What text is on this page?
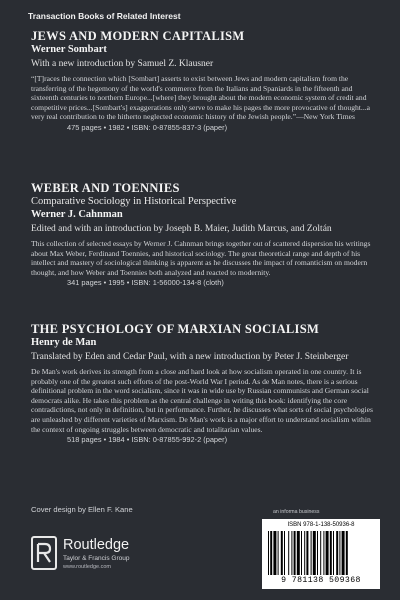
Transaction Books of Related Interest
JEWS AND MODERN CAPITALISM
Werner Sombart
With a new introduction by Samuel Z. Klausner
“[T]races the connection which [Sombart] asserts to exist between Jews and modern capitalism from the transferring of the hegemony of the world's commerce from the Italians and Spaniards in the fifteenth and sixteenth centuries to northern Europe...[where] they brought about the modern economic system of credit and competitive prices...[Sombart's] exaggerations only serve to make his pages the more provocative of thought...a very real contribution to the hitherto neglected economic history of the Jewish people.”—New York Times
475 pages • 1982 • ISBN: 0-87855-837-3 (paper)
WEBER AND TOENNIES
Comparative Sociology in Historical Perspective
Werner J. Cahnman
Edited and with an introduction by Joseph B. Maier, Judith Marcus, and Zoltán
This collection of selected essays by Werner J. Cahnman brings together out of scattered dispersion his writings about Max Weber, Ferdinand Toennies, and historical sociology. The great theoretical range and depth of his intellect and mastery of sociological thinking is apparent as he discusses the impact of romanticism on modern thought, and how Weber and Toennies both analyzed and reacted to modernity.
341 pages • 1995 • ISBN: 1-56000-134-8 (cloth)
THE PSYCHOLOGY OF MARXIAN SOCIALISM
Henry de Man
Translated by Eden and Cedar Paul, with a new introduction by Peter J. Steinberger
De Man's work derives its strength from a close and hard look at how socialism operated in one country. It is probably one of the greatest such efforts of the post-World War I period. As de Man notes, there is a serious definitional problem in the word socialism, since it was in wide use by Russian communists and German social democrats alike. He takes this problem as the central challenge in writing this book: identifying the core contradictions, not only in definition, but in performance. Further, he discusses what sorts of social psychologies are unleashed by different varieties of Marxism. De Man's work is a major effort to understand socialism within the context of ongoing struggles between democratic and totalitarian values.
518 pages • 1984 • ISBN: 0-87855-992-2 (paper)
Cover design by Ellen F. Kane
Routledge
Taylor & Francis Group
www.routledge.com
an informa business
ISBN 978-1-138-50936-8
9 781138 509368
